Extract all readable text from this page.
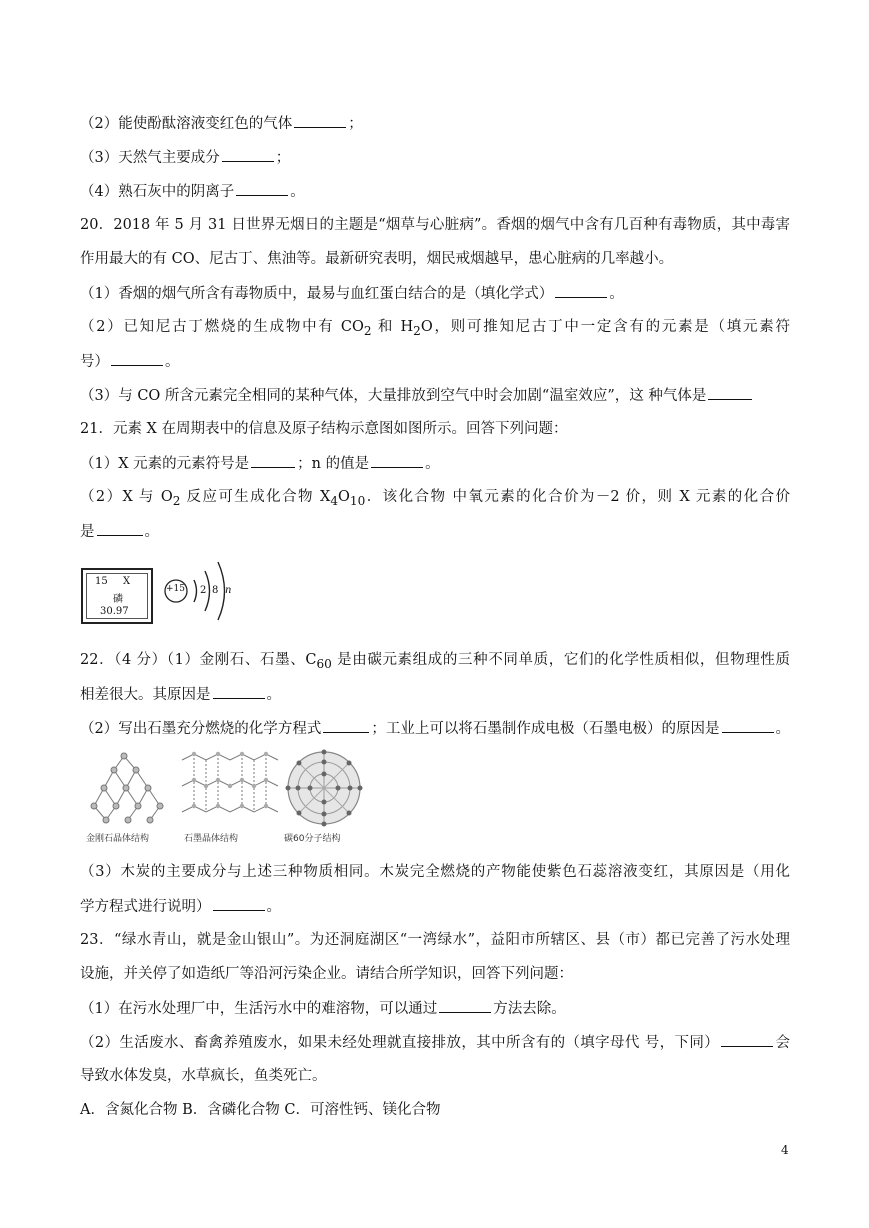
（2）能使酚酞溶液变红色的气体	；
（3）天然气主要成分	；
（4）熟石灰中的阴离子	。
20．2018 年 5 月 31 日世界无烟日的主题是“烟草与心脏病”。香烟的烟气中含有几百种有毒物质，其中毒害
作用最大的有 CO、尼古丁、焦油等。最新研究表明，烟民戒烟越早，患心脏病的几率越小。
（1）香烟的烟气所含有毒物质中，最易与血红蛋白结合的是（填化学式）	。
（2）已知尼古丁燃烧的生成物中有 $CO_2$ 和 $H_2O$，则可推知尼古丁中一定含有的元素是（填元素符
号）	。
（3）与 CO 所含元素完全相同的某种气体，大量排放到空气中时会加剧“温室效应”，这 种气体是
21．元素 X 在周期表中的信息及原子结构示意图如图所示。回答下列问题：
（1）X 元素的元素符号是	；n 的值是	。
（2）X 与 $O_2$ 反应可生成化合物 $X_4O_{10}$．该化合物 中氧元素的化合价为－2 价，则 X 元素的化合价
是	。
15 X
磷
30.97
+15 2 8 n
22．（4 分）（1）金刚石、石墨、$C_{60}$ 是由碳元素组成的三种不同单质，它们的化学性质相似，但物理性质
相差很大。其原因是	。
（2）写出石墨充分燃烧的化学方程式	；工业上可以将石墨制作成电极（石墨电极）的原因是	。
金刚石晶体结构	石墨晶体结构	碳60分子结构
（3）木炭的主要成分与上述三种物质相同。木炭完全燃烧的产物能使紫色石蕊溶液变红，其原因是（用化
学方程式进行说明）	。
23．“绿水青山，就是金山银山”。为还洞庭湖区“一湾绿水”，益阳市所辖区、县（市）都已完善了污水处理
设施，并关停了如造纸厂等沿河污染企业。请结合所学知识，回答下列问题：
（1）在污水处理厂中，生活污水中的难溶物，可以通过	方法去除。
（2）生活废水、畜禽养殖废水，如果未经处理就直接排放，其中所含有的（填字母代 号，下同）	会
导致水体发臭，水草疯长，鱼类死亡。
A．含氮化合物 B．含磷化合物 C．可溶性钙、镁化合物
4
